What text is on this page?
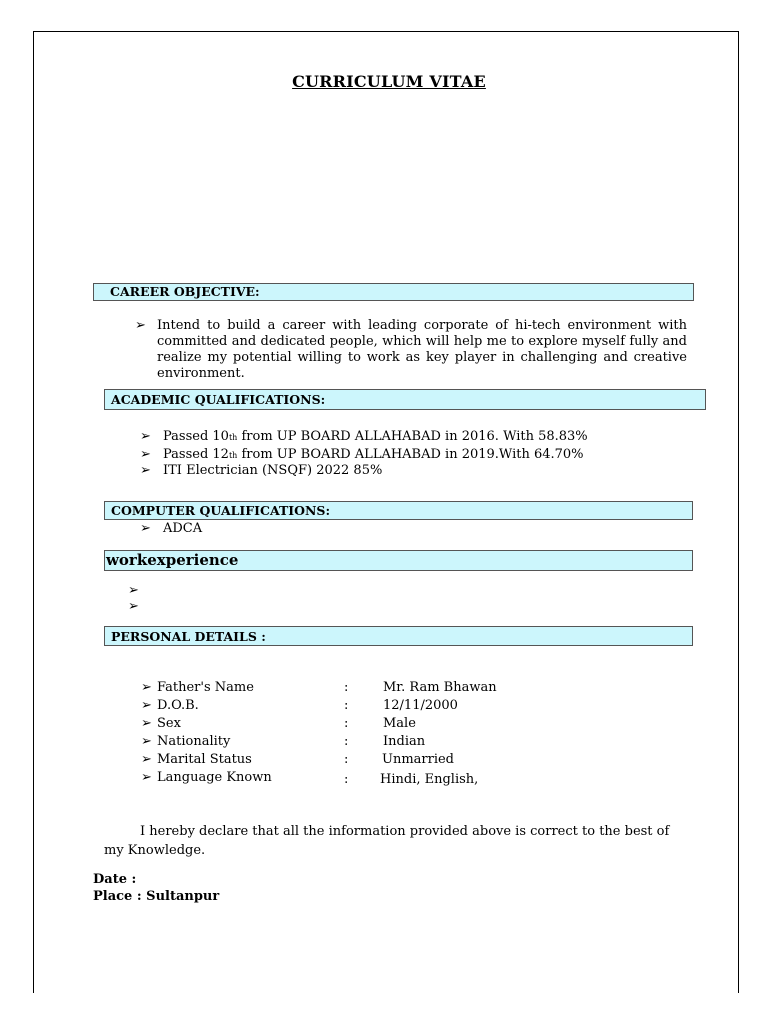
CURRICULUM VITAE
CAREER OBJECTIVE:
➢ Intend to build a career with leading corporate of hi-tech environment with committed and dedicated people, which will help me to explore myself fully and realize my potential willing to work as key player in challenging and creative environment.
ACADEMIC QUALIFICATIONS:
➢ Passed 10th from UP BOARD ALLAHABAD in 2016. With 58.83%
➢ Passed 12th from UP BOARD ALLAHABAD in 2019.With 64.70%
➢ ITI Electrician (NSQF) 2022 85%
COMPUTER QUALIFICATIONS:
➢ ADCA
workexperience
➢
➢
PERSONAL DETAILS :
➢ Father's Name	:	Mr. Ram Bhawan
➢ D.O.B.	:	12/11/2000
➢ Sex	:	Male
➢ Nationality	:	Indian
➢ Marital Status	:	Unmarried
➢ Language Known	: Hindi, English,
I hereby declare that all the information provided above is correct to the best of
my Knowledge.
Date :
Place : Sultanpur
